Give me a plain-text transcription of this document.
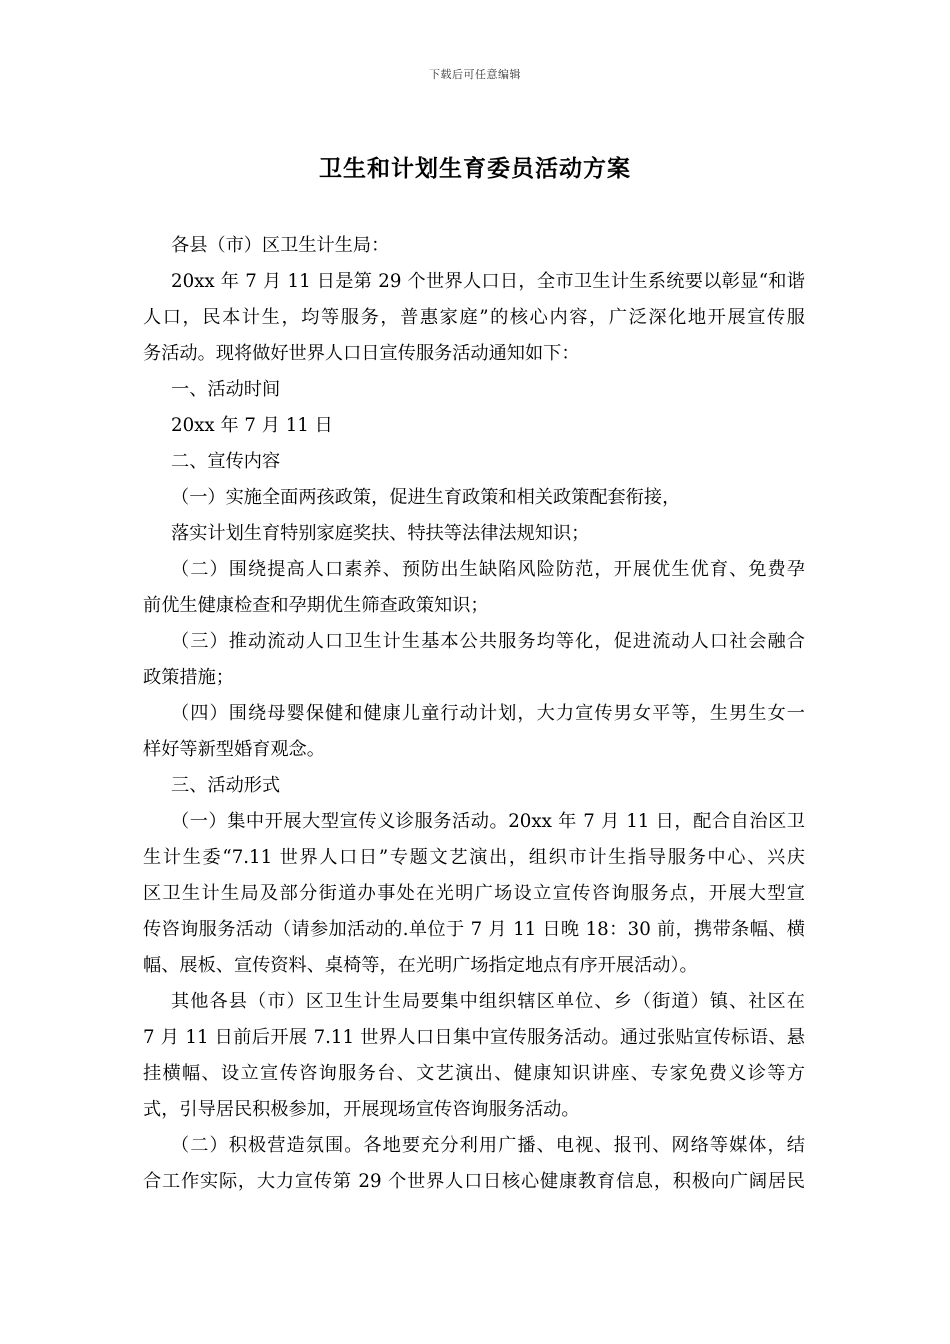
下载后可任意编辑
卫生和计划生育委员活动方案
各县（市）区卫生计生局：
20xx 年 7 月 11 日是第 29 个世界人口日，全市卫生计生系统要以彰显“和谐
人口，民本计生，均等服务，普惠家庭”的核心内容，广泛深化地开展宣传服
务活动。现将做好世界人口日宣传服务活动通知如下：
一、活动时间
20xx 年 7 月 11 日
二、宣传内容
（一）实施全面两孩政策，促进生育政策和相关政策配套衔接，
落实计划生育特别家庭奖扶、特扶等法律法规知识；
（二）围绕提高人口素养、预防出生缺陷风险防范，开展优生优育、免费孕
前优生健康检查和孕期优生筛查政策知识；
（三）推动流动人口卫生计生基本公共服务均等化，促进流动人口社会融合
政策措施；
（四）围绕母婴保健和健康儿童行动计划，大力宣传男女平等，生男生女一
样好等新型婚育观念。
三、活动形式
（一）集中开展大型宣传义诊服务活动。20xx 年 7 月 11 日，配合自治区卫
生计生委“7.11 世界人口日”专题文艺演出，组织市计生指导服务中心、兴庆
区卫生计生局及部分街道办事处在光明广场设立宣传咨询服务点，开展大型宣
传咨询服务活动（请参加活动的.单位于 7 月 11 日晚 18：30 前，携带条幅、横
幅、展板、宣传资料、桌椅等，在光明广场指定地点有序开展活动）。
其他各县（市）区卫生计生局要集中组织辖区单位、乡（街道）镇、社区在
7 月 11 日前后开展 7.11 世界人口日集中宣传服务活动。通过张贴宣传标语、悬
挂横幅、设立宣传咨询服务台、文艺演出、健康知识讲座、专家免费义诊等方
式，引导居民积极参加，开展现场宣传咨询服务活动。
（二）积极营造氛围。各地要充分利用广播、电视、报刊、网络等媒体，结
合工作实际，大力宣传第 29 个世界人口日核心健康教育信息，积极向广阔居民
